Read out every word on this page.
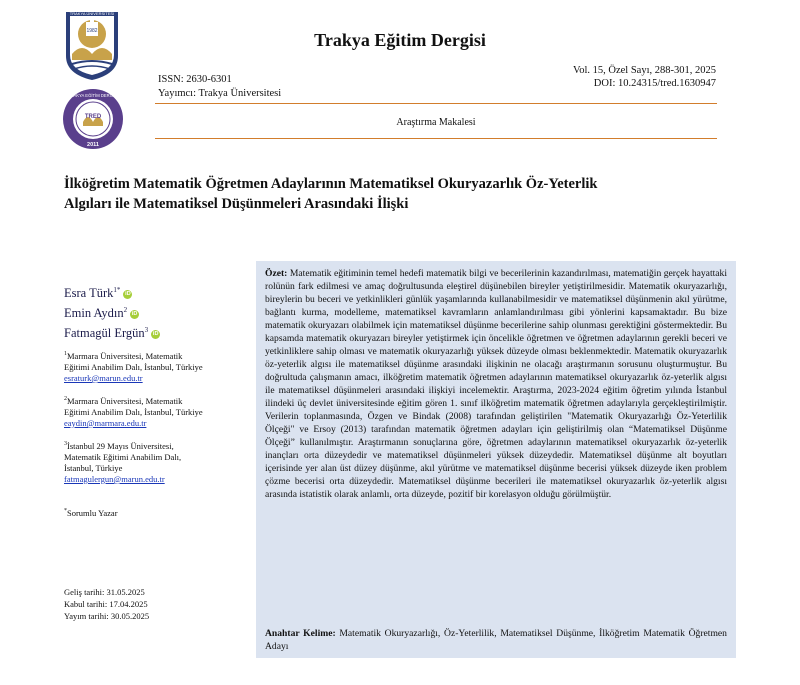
TRAKYA ÜNİVERSİTESİ
1982
TRED
TRAKYA EĞİTİM DERGİSİ
2011
Trakya Eğitim Dergisi
ISSN: 2630-6301
Yayımcı: Trakya Üniversitesi
Vol. 15, Özel Sayı, 288-301, 2025
DOI: 10.24315/tred.1630947
Araştırma Makalesi
İlköğretim Matematik Öğretmen Adaylarının Matematiksel Okuryazarlık Öz-Yeterlik
Algıları ile Matematiksel Düşünmeleri Arasındaki İlişki
Esra Türk$^{1*}$iD
Emin Aydın$^2$iD
Fatmagül Ergün$^3$iD
$^1$Marmara Üniversitesi, Matematik
Eğitimi Anabilim Dalı, İstanbul, Türkiye
esraturk@marun.edu.tr
$^2$Marmara Üniversitesi, Matematik
Eğitimi Anabilim Dalı, İstanbul, Türkiye
eaydin@marmara.edu.tr
$^3$İstanbul 29 Mayıs Üniversitesi,
Matematik Eğitimi Anabilim Dalı,
İstanbul, Türkiye
fatmagulergun@marun.edu.tr
*Sorumlu Yazar
Geliş tarihi: 31.05.2025
Kabul tarihi: 17.04.2025
Yayım tarihi: 30.05.2025
Özet: Matematik eğitiminin temel hedefi matematik bilgi ve becerilerinin kazandırılması, matematiğin gerçek hayattaki rolünün fark edilmesi ve amaç doğrultusunda eleştirel düşünebilen bireyler yetiştirilmesidir. Matematik okuryazarlığı, bireylerin bu beceri ve yetkinlikleri günlük yaşamlarında kullanabilmesidir ve matematiksel düşünmenin akıl yürütme, bağlantı kurma, modelleme, matematiksel kavramların anlamlandırılması gibi yönlerini kapsamaktadır. Bu bize matematik okuryazarı olabilmek için matematiksel düşünme becerilerine sahip olunması gerektiğini göstermektedir. Bu kapsamda matematik okuryazarı bireyler yetiştirmek için öncelikle öğretmen ve öğretmen adaylarının gerekli beceri ve yetkinliklere sahip olması ve matematik okuryazarlığı yüksek düzeyde olması beklenmektedir. Matematik okuryazarlık öz-yeterlik algısı ile matematiksel düşünme arasındaki ilişkinin ne olacağı araştırmanın sorusunu oluşturmuştur. Bu doğrultuda çalışmanın amacı, ilköğretim matematik öğretmen adaylarının matematiksel okuryazarlık öz-yeterlik algısı ile matematiksel düşünmeleri arasındaki ilişkiyi incelemektir. Araştırma, 2023-2024 eğitim öğretim yılında İstanbul ilindeki üç devlet üniversitesinde eğitim gören 1. sınıf ilköğretim matematik öğretmen adaylarıyla gerçekleştirilmiştir. Verilerin toplanmasında, Özgen ve Bindak (2008) tarafından geliştirilen "Matematik Okuryazarlığı Öz-Yeterlilik Ölçeği" ve Ersoy (2013) tarafından matematik öğretmen adayları için geliştirilmiş olan “Matematiksel Düşünme Ölçeği” kullanılmıştır. Araştırmanın sonuçlarına göre, öğretmen adaylarının matematiksel okuryazarlık öz-yeterlik inançları orta düzeydedir ve matematiksel düşünmeleri yüksek düzeydedir. Matematiksel düşünme alt boyutları içerisinde yer alan üst düzey düşünme, akıl yürütme ve matematiksel düşünme becerisi yüksek düzeyde iken problem çözme becerisi orta düzeydedir. Matematiksel düşünme becerileri ile matematiksel okuryazarlık öz-yeterlik algısı arasında istatistik olarak anlamlı, orta düzeyde, pozitif bir korelasyon olduğu görülmüştür.
Anahtar Kelime: Matematik Okuryazarlığı, Öz-Yeterlilik, Matematiksel Düşünme, İlköğretim Matematik Öğretmen Adayı
